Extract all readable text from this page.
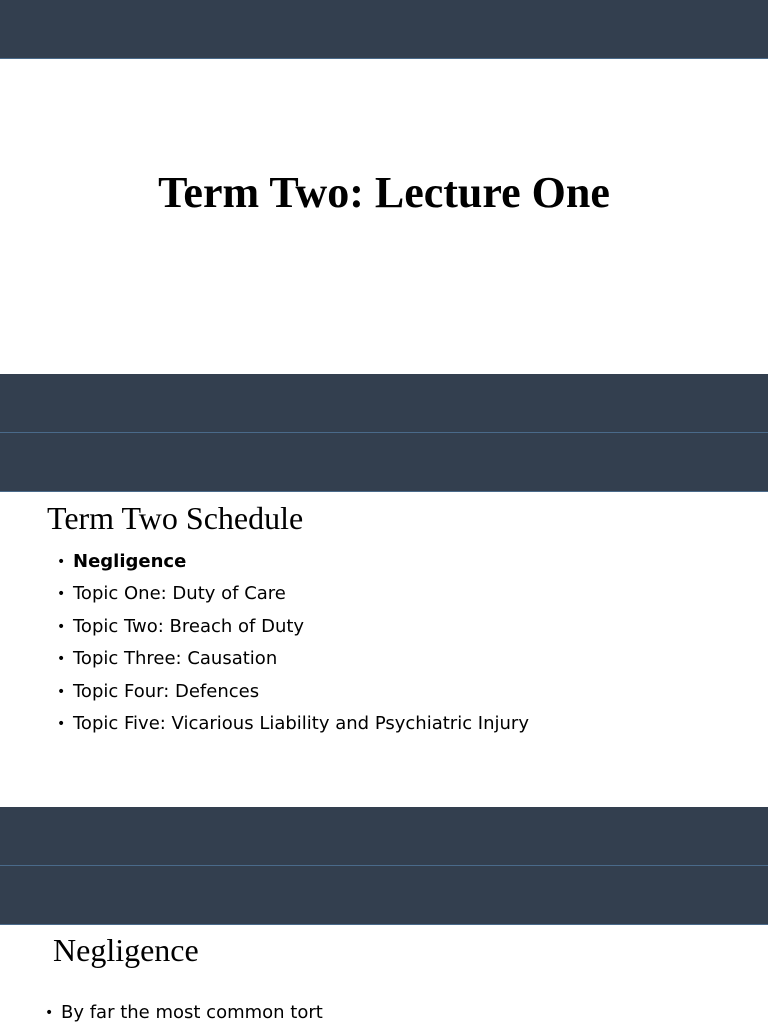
Term Two: Lecture One
Term Two Schedule
• Negligence
• Topic One: Duty of Care
• Topic Two: Breach of Duty
• Topic Three: Causation
• Topic Four: Defences
• Topic Five: Vicarious Liability and Psychiatric Injury
Negligence
• By far the most common tort
